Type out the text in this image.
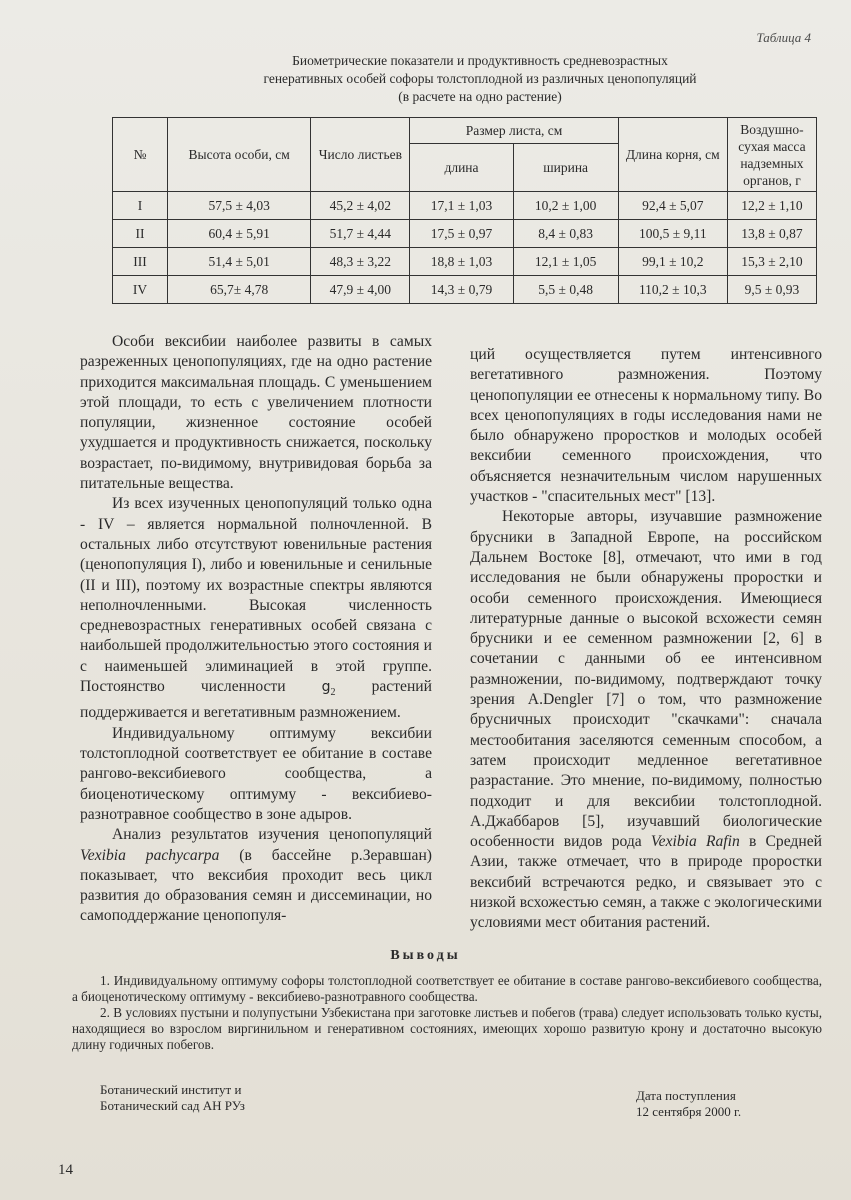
Таблица 4
Биометрические показатели и продуктивность средневозрастных
генеративных особей софоры толстоплодной из различных ценопопуляций
(в расчете на одно растение)
№	Высота особи, см	Число листьев	Размер листа, см		Длина корня, см	Воздушно-сухая масса надземных органов, г
			длина	ширина		
I	57,5 ± 4,03	45,2 ± 4,02	17,1 ± 1,03	10,2 ± 1,00	92,4 ± 5,07	12,2 ± 1,10
II	60,4 ± 5,91	51,7 ± 4,44	17,5 ± 0,97	8,4 ± 0,83	100,5 ± 9,11	13,8 ± 0,87
III	51,4 ± 5,01	48,3 ± 3,22	18,8 ± 1,03	12,1 ± 1,05	99,1 ± 10,2	15,3 ± 2,10
IV	65,7± 4,78	47,9 ± 4,00	14,3 ± 0,79	5,5 ± 0,48	110,2 ± 10,3	9,5 ± 0,93

Особи вексибии наиболее развиты в самых разреженных ценопопуляциях, где на одно растение приходится максимальная площадь. С уменьшением этой площади, то есть с увеличением плотности популяции, жизненное состояние особей ухудшается и продуктивность снижается, поскольку возрастает, по-видимому, внутривидовая борьба за питательные вещества.

Из всех изученных ценопопуляций только одна - IV – является нормальной полночленной. В остальных либо отсутствуют ювенильные растения (ценопопуляция I), либо и ювенильные и сенильные (II и III), поэтому их возрастные спектры являются неполночленными. Высокая численность средневозрастных генеративных особей связана с наибольшей продолжительностью этого состояния и с наименьшей элиминацией в этой группе. Постоянство численности $g_2$ растений поддерживается и вегетативным размножением.

Индивидуальному оптимуму вексибии толстоплодной соответствует ее обитание в составе рангово-вексибиевого сообщества, а биоценотическому оптимуму - вексибиево-разнотравное сообщество в зоне адыров.

Анализ результатов изучения ценопопуляций Vexibia pachycarpa (в бассейне р.Зеравшан) показывает, что вексибия проходит весь цикл развития до образования семян и диссеминации, но самоподдержание ценопопуля-

ций осуществляется путем интенсивного вегетативного размножения. Поэтому ценопопуляции ее отнесены к нормальному типу. Во всех ценопопуляциях в годы исследования нами не было обнаружено проростков и молодых особей вексибии семенного происхождения, что объясняется незначительным числом нарушенных участков - "спасительных мест" [13].

Некоторые авторы, изучавшие размножение брусники в Западной Европе, на российском Дальнем Востоке [8], отмечают, что ими в год исследования не были обнаружены проростки и особи семенного происхождения. Имеющиеся литературные данные о высокой всхожести семян брусники и ее семенном размножении [2, 6] в сочетании с данными об ее интенсивном размножении, по-видимому, подтверждают точку зрения A.Dengler [7] о том, что размножение брусничных происходит "скачками": сначала местообитания заселяются семенным способом, а затем происходит медленное вегетативное разрастание. Это мнение, по-видимому, полностью подходит и для вексибии толстоплодной. А.Джаббаров [5], изучавший биологические особенности видов рода Vexibia Rafin в Средней Азии, также отмечает, что в природе проростки вексибий встречаются редко, и связывает это с низкой всхожестью семян, а также с экологическими условиями мест обитания растений.

Выводы

1. Индивидуальному оптимуму софоры толстоплодной соответствует ее обитание в составе рангово-вексибиевого сообщества, а биоценотическому оптимуму - вексибиево-разнотравного сообщества.

2. В условиях пустыни и полупустыни Узбекистана при заготовке листьев и побегов (трава) следует использовать только кусты, находящиеся во взрослом виргинильном и генеративном состояниях, имеющих хорошо развитую крону и достаточно высокую длину годичных побегов.

Ботанический институт и
Ботанический сад АН РУз
Дата поступления
12 сентября 2000 г.
14
